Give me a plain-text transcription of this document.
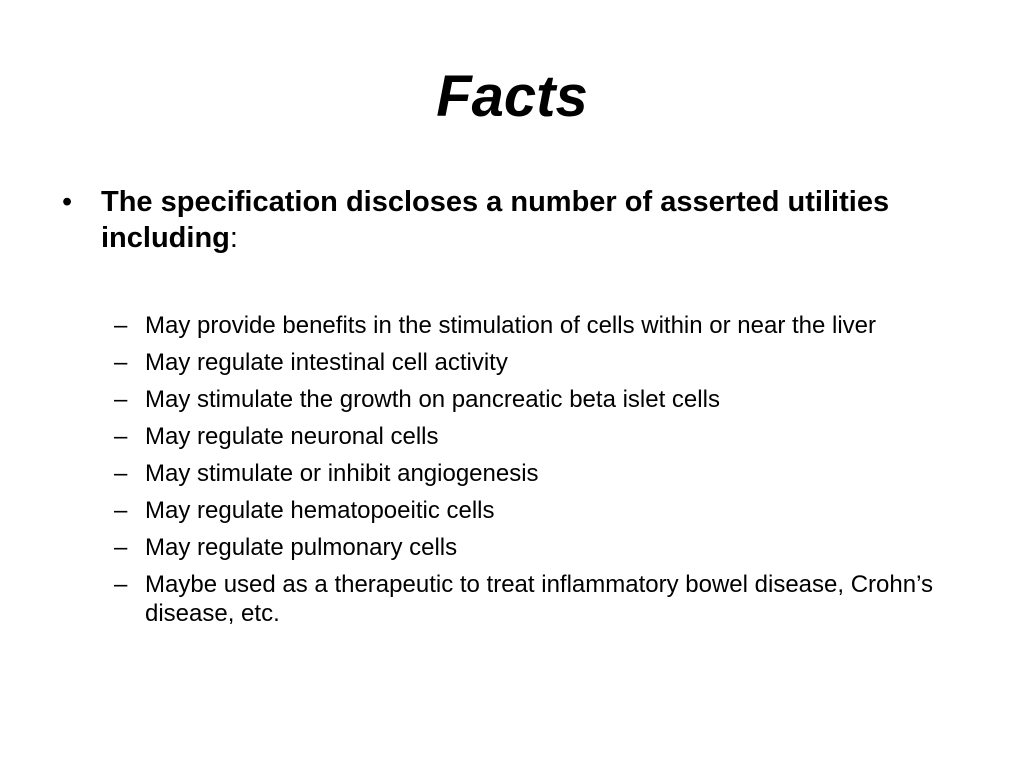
Facts
• The specification discloses a number of asserted utilities including:
– May provide benefits in the stimulation of cells within or near the liver
– May regulate intestinal cell activity
– May stimulate the growth on pancreatic beta islet cells
– May regulate neuronal cells
– May stimulate or inhibit angiogenesis
– May regulate hematopoeitic cells
– May regulate pulmonary cells
– Maybe used as a therapeutic to treat inflammatory bowel disease, Crohn’s disease, etc.
